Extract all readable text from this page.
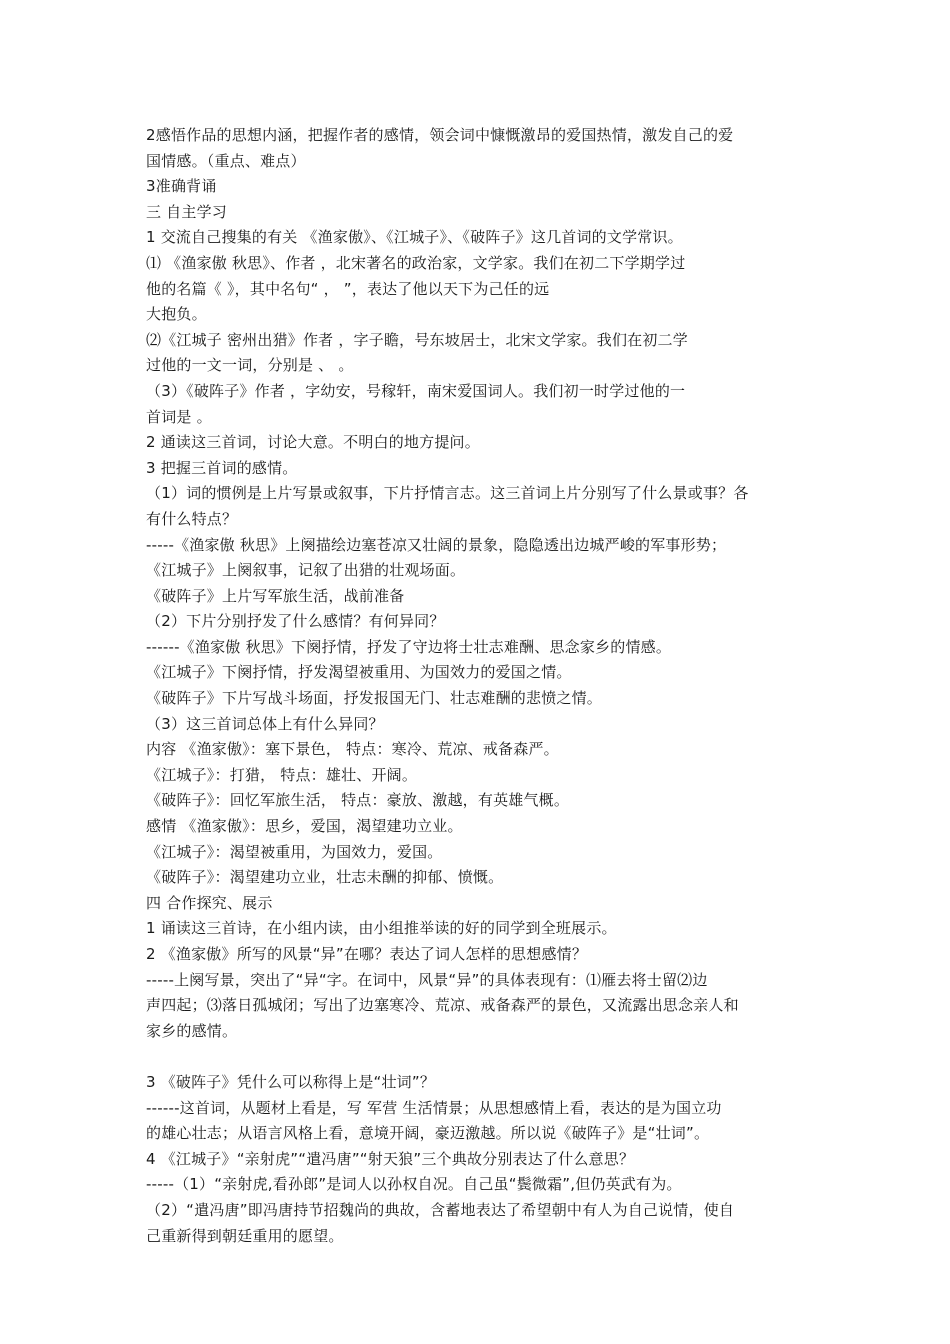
2感悟作品的思想内涵，把握作者的感情，领会词中慷慨激昂的爱国热情，激发自己的爱
国情感。（重点、难点）
3准确背诵
三 自主学习
1 交流自己搜集的有关 《渔家傲》、《江城子》、《破阵子》这几首词的文学常识。
⑴ 《渔家傲 秋思》、作者 ，北宋著名的政治家，文学家。我们在初二下学期学过
他的名篇《 》，其中名句“ ， ”，表达了他以天下为己任的远
大抱负。
⑵《江城子 密州出猎》作者 ，字子瞻，号东坡居士，北宋文学家。我们在初二学
过他的一文一词，分别是 、 。
（3）《破阵子》作者 ，字幼安，号稼轩，南宋爱国词人。我们初一时学过他的一
首词是 。
2 通读这三首词，讨论大意。不明白的地方提问。
3 把握三首词的感情。
（1）词的惯例是上片写景或叙事，下片抒情言志。这三首词上片分别写了什么景或事？各
有什么特点？
-----《渔家傲 秋思》上阕描绘边塞苍凉又壮阔的景象，隐隐透出边城严峻的军事形势；
《江城子》上阕叙事，记叙了出猎的壮观场面。
《破阵子》上片写军旅生活，战前准备
（2）下片分别抒发了什么感情？有何异同？
------《渔家傲 秋思》下阕抒情，抒发了守边将士壮志难酬、思念家乡的情感。
《江城子》下阕抒情，抒发渴望被重用、为国效力的爱国之情。
《破阵子》下片写战斗场面，抒发报国无门、壮志难酬的悲愤之情。
（3）这三首词总体上有什么异同？
内容 《渔家傲》：塞下景色， 特点：寒冷、荒凉、戒备森严。
《江城子》：打猎， 特点：雄壮、开阔。
《破阵子》：回忆军旅生活， 特点：豪放、激越，有英雄气概。
感情 《渔家傲》：思乡，爱国，渴望建功立业。
《江城子》：渴望被重用，为国效力，爱国。
《破阵子》：渴望建功立业，壮志未酬的抑郁、愤慨。
四 合作探究、展示
1 诵读这三首诗，在小组内读，由小组推举读的好的同学到全班展示。
2 《渔家傲》所写的风景“异”在哪？表达了词人怎样的思想感情？
-----上阕写景，突出了“异“字。在词中，风景“异”的具体表现有：⑴雁去将士留⑵边
声四起；⑶落日孤城闭；写出了边塞寒冷、荒凉、戒备森严的景色，又流露出思念亲人和
家乡的感情。
3 《破阵子》凭什么可以称得上是“壮词”？
------这首词，从题材上看是，写 军营 生活情景；从思想感情上看，表达的是为国立功
的雄心壮志；从语言风格上看，意境开阔，豪迈激越。所以说《破阵子》是“壮词”。
4 《江城子》“亲射虎”“遣冯唐”“射天狼”三个典故分别表达了什么意思？
-----（1）“亲射虎,看孙郎”是词人以孙权自况。自己虽“鬓微霜”,但仍英武有为。
（2）“遣冯唐”即冯唐持节招魏尚的典故，含蓄地表达了希望朝中有人为自己说情，使自
己重新得到朝廷重用的愿望。
